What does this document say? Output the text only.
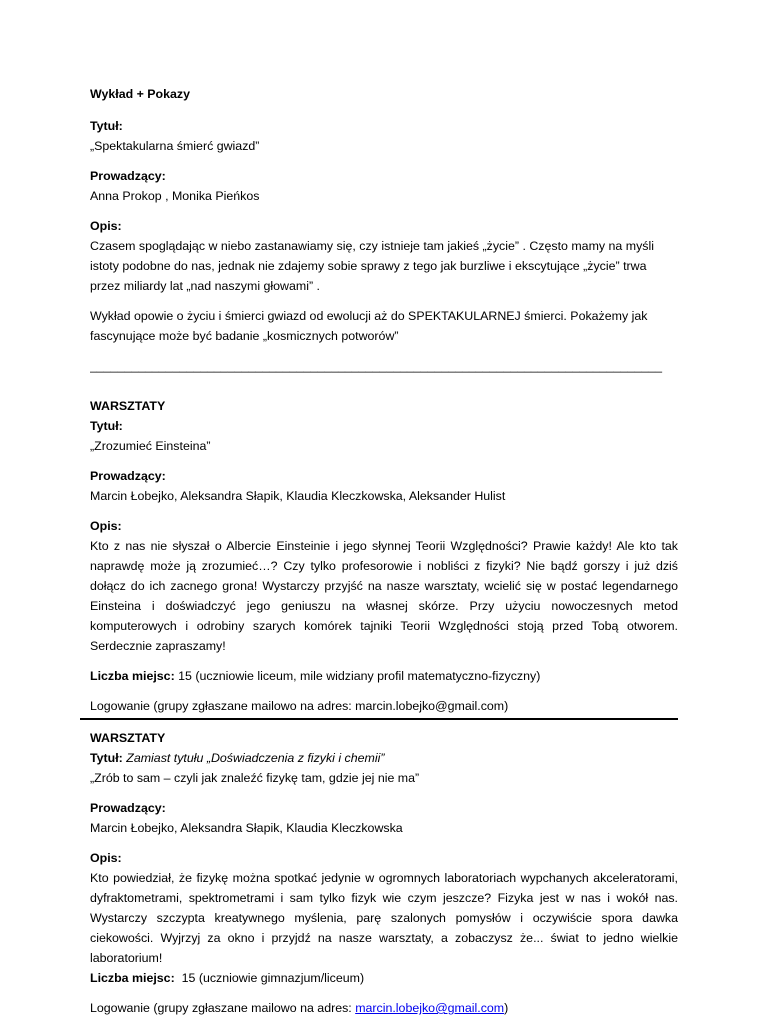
Wykład + Pokazy
Tytuł:
„Spektakularna śmierć gwiazd”
Prowadzący:
Anna Prokop , Monika Pieńkos
Opis:
Czasem spoglądając w niebo zastanawiamy się, czy istnieje tam jakieś „życie” . Często mamy na myśli istoty podobne do nas, jednak nie zdajemy sobie sprawy z tego jak burzliwe i ekscytujące „życie” trwa przez miliardy lat „nad naszymi głowami” .

Wykład opowie o życiu i śmierci gwiazd od ewolucji aż do SPEKTAKULARNEJ śmierci. Pokażemy jak fascynujące może być badanie „kosmicznych potworów”

___________________________________________________________________________________
WARSZTATY
Tytuł:
„Zrozumieć Einsteina”
Prowadzący:
Marcin Łobejko, Aleksandra Słapik, Klaudia Kleczkowska, Aleksander Hulist
Opis:
Kto z nas nie słyszał o Albercie Einsteinie i jego słynnej Teorii Względności? Prawie każdy! Ale kto tak naprawdę może ją zrozumieć…? Czy tylko profesorowie i nobliści z fizyki? Nie bądź gorszy i już dziś dołącz do ich zacnego grona! Wystarczy przyjść na nasze warsztaty, wcielić się w postać legendarnego Einsteina i doświadczyć jego geniuszu na własnej skórze. Przy użyciu nowoczesnych metod komputerowych i odrobiny szarych komórek tajniki Teorii Względności stoją przed Tobą otworem. Serdecznie zapraszamy!

Liczba miejsc: 15 (uczniowie liceum, mile widziany profil matematyczno-fizyczny)

Logowanie (grupy zgłaszane mailowo na adres: marcin.lobejko@gmail.com)

WARSZTATY
Tytuł: Zamiast tytułu „Doświadczenia z fizyki i chemii”
„Zrób to sam – czyli jak znaleźć fizykę tam, gdzie jej nie ma”
Prowadzący:
Marcin Łobejko, Aleksandra Słapik, Klaudia Kleczkowska
Opis:
Kto powiedział, że fizykę można spotkać jedynie w ogromnych laboratoriach wypchanych akceleratorami, dyfraktometrami, spektrometrami i sam tylko fizyk wie czym jeszcze? Fizyka jest w nas i wokół nas. Wystarczy szczypta kreatywnego myślenia, parę szalonych pomysłów i oczywiście spora dawka ciekowości. Wyjrzyj za okno i przyjdź na nasze warsztaty, a zobaczysz że... świat to jedno wielkie laboratorium!

Liczba miejsc:  15 (uczniowie gimnazjum/liceum)

Logowanie (grupy zgłaszane mailowo na adres: marcin.lobejko@gmail.com)
